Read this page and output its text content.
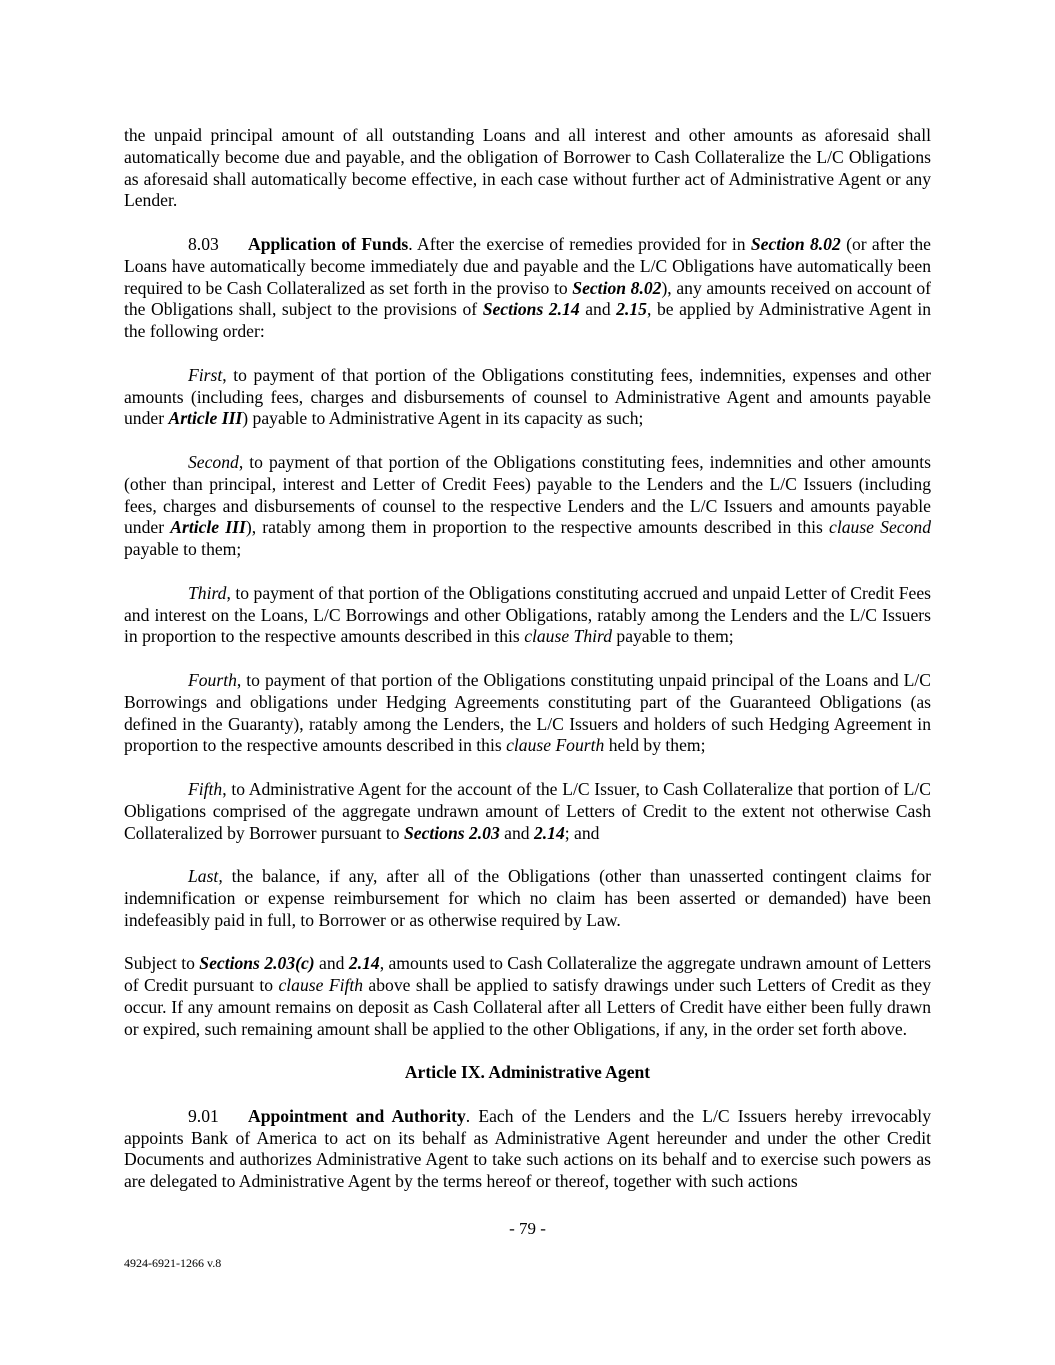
the unpaid principal amount of all outstanding Loans and all interest and other amounts as aforesaid shall automatically become due and payable, and the obligation of Borrower to Cash Collateralize the L/C Obligations as aforesaid shall automatically become effective, in each case without further act of Administrative Agent or any Lender.

8.03 Application of Funds. After the exercise of remedies provided for in Section 8.02 (or after the Loans have automatically become immediately due and payable and the L/C Obligations have automatically been required to be Cash Collateralized as set forth in the proviso to Section 8.02), any amounts received on account of the Obligations shall, subject to the provisions of Sections 2.14 and 2.15, be applied by Administrative Agent in the following order:

First, to payment of that portion of the Obligations constituting fees, indemnities, expenses and other amounts (including fees, charges and disbursements of counsel to Administrative Agent and amounts payable under Article III) payable to Administrative Agent in its capacity as such;

Second, to payment of that portion of the Obligations constituting fees, indemnities and other amounts (other than principal, interest and Letter of Credit Fees) payable to the Lenders and the L/C Issuers (including fees, charges and disbursements of counsel to the respective Lenders and the L/C Issuers and amounts payable under Article III), ratably among them in proportion to the respective amounts described in this clause Second payable to them;

Third, to payment of that portion of the Obligations constituting accrued and unpaid Letter of Credit Fees and interest on the Loans, L/C Borrowings and other Obligations, ratably among the Lenders and the L/C Issuers in proportion to the respective amounts described in this clause Third payable to them;

Fourth, to payment of that portion of the Obligations constituting unpaid principal of the Loans and L/C Borrowings and obligations under Hedging Agreements constituting part of the Guaranteed Obligations (as defined in the Guaranty), ratably among the Lenders, the L/C Issuers and holders of such Hedging Agreement in proportion to the respective amounts described in this clause Fourth held by them;

Fifth, to Administrative Agent for the account of the L/C Issuer, to Cash Collateralize that portion of L/C Obligations comprised of the aggregate undrawn amount of Letters of Credit to the extent not otherwise Cash Collateralized by Borrower pursuant to Sections 2.03 and 2.14; and

Last, the balance, if any, after all of the Obligations (other than unasserted contingent claims for indemnification or expense reimbursement for which no claim has been asserted or demanded) have been indefeasibly paid in full, to Borrower or as otherwise required by Law.

Subject to Sections 2.03(c) and 2.14, amounts used to Cash Collateralize the aggregate undrawn amount of Letters of Credit pursuant to clause Fifth above shall be applied to satisfy drawings under such Letters of Credit as they occur. If any amount remains on deposit as Cash Collateral after all Letters of Credit have either been fully drawn or expired, such remaining amount shall be applied to the other Obligations, if any, in the order set forth above.

Article IX. Administrative Agent

9.01 Appointment and Authority. Each of the Lenders and the L/C Issuers hereby irrevocably appoints Bank of America to act on its behalf as Administrative Agent hereunder and under the other Credit Documents and authorizes Administrative Agent to take such actions on its behalf and to exercise such powers as are delegated to Administrative Agent by the terms hereof or thereof, together with such actions

- 79 -
4924-6921-1266 v.8
